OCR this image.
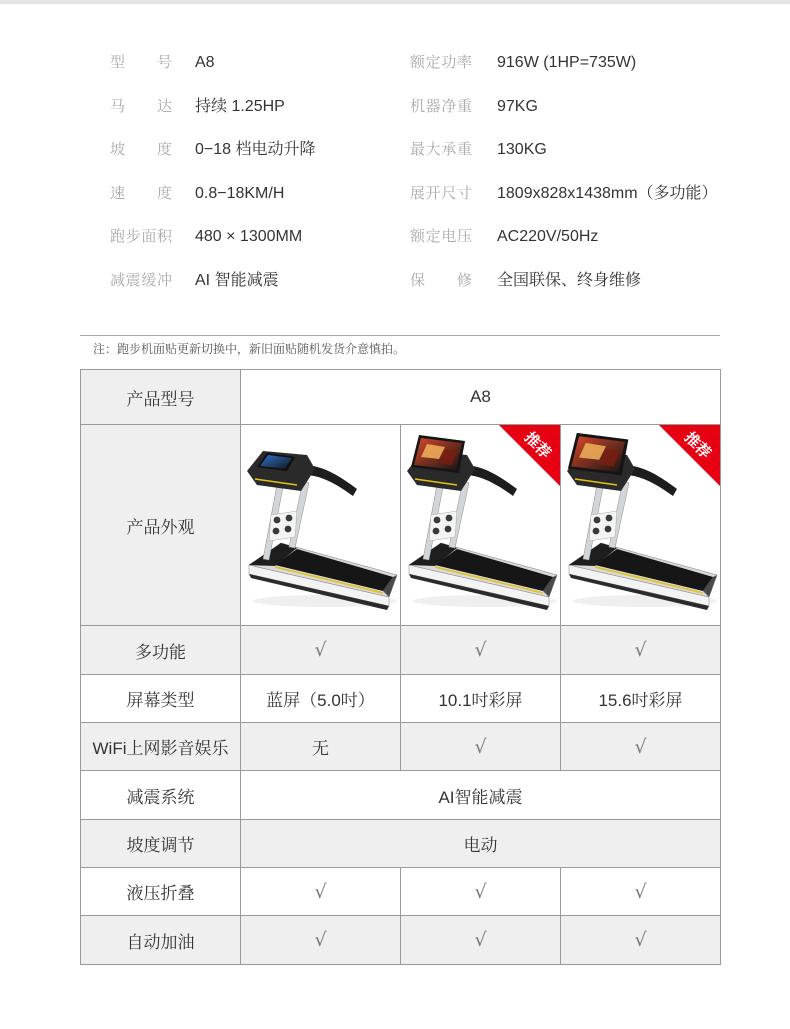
型　号 A8	额定功率 916W (1HP=735W)
马　达 持续 1.25HP	机器净重 97KG
坡　度 0−18 档电动升降	最大承重 130KG
速　度 0.8−18KM/H	展开尺寸 1809x828x1438mm（多功能）
跑步面积 480 × 1300MM	额定电压 AC220V/50Hz
减震缓冲 AI 智能减震	保　修 全国联保、终身维修
注：跑步机面贴更新切换中，新旧面贴随机发货介意慎拍。
产品型号	A8		
产品外观		推荐	推荐

多功能	√	√	√
屏幕类型	蓝屏（5.0吋）	10.1吋彩屏	15.6吋彩屏
WiFi上网影音娱乐	无	√	√
减震系统	AI智能减震		
坡度调节	电动		
液压折叠	√	√	√
自动加油	√	√	√
